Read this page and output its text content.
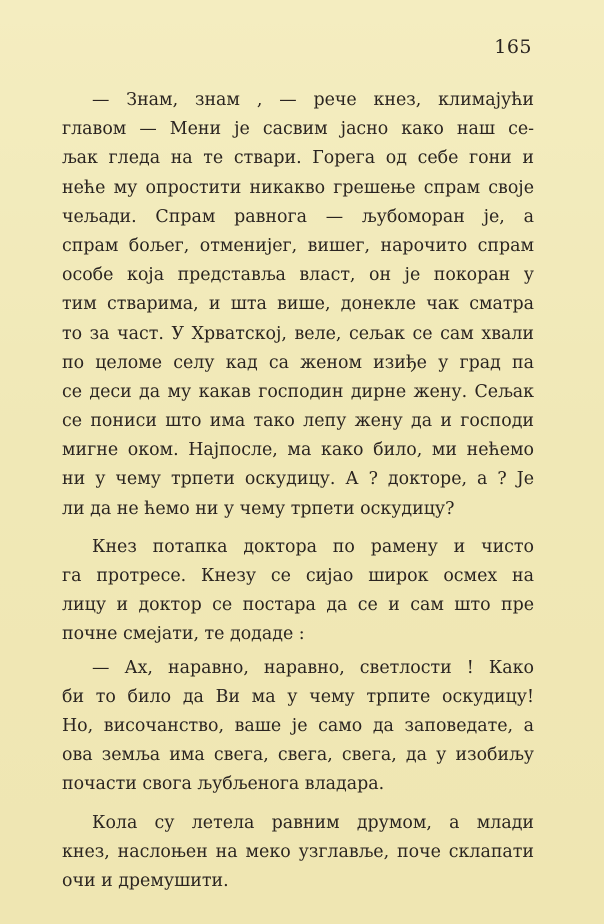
165
— Знам, знам , — рече кнез, климајући
главом — Мени је сасвим јасно како наш се-
љак гледа на те ствари. Горега од себе гони и
неће му опростити никакво грешење спрам своје
чељади. Спрам равнога — љубоморан је, а
спрам бољег, отменијег, вишег, нарочито спрам
особе која представља власт, он је покоран у
тим стварима, и шта више, донекле чак сматра
то за част. У Хрватској, веле, сељак се сам хвали
по целоме селу кад са женом изиђе у град па
се деси да му какав господин дирне жену. Сељак
се пониси што има тако лепу жену да и господи
мигне оком. Најпосле, ма како било, ми нећемо
ни у чему трпети оскудицу. А ? докторе, а ? Је
ли да не ћемо ни у чему трпети оскудицу?
Кнез потапка доктора по рамену и чисто
га протресе. Кнезу се сијао широк осмех на
лицу и доктор се постара да се и сам што пре
почне смејати, те додаде :
— Ах, наравно, наравно, светлости ! Како
би то било да Ви ма у чему трпите оскудицу!
Но, височанство, ваше је само да заповедате, а
ова земља има свега, свега, свега, да у изобиљу
почасти свога љубљенога владара.
Кола су летела равним друмом, а млади
кнез, наслоњен на меко узглавље, поче склапати
очи и дремушити.
